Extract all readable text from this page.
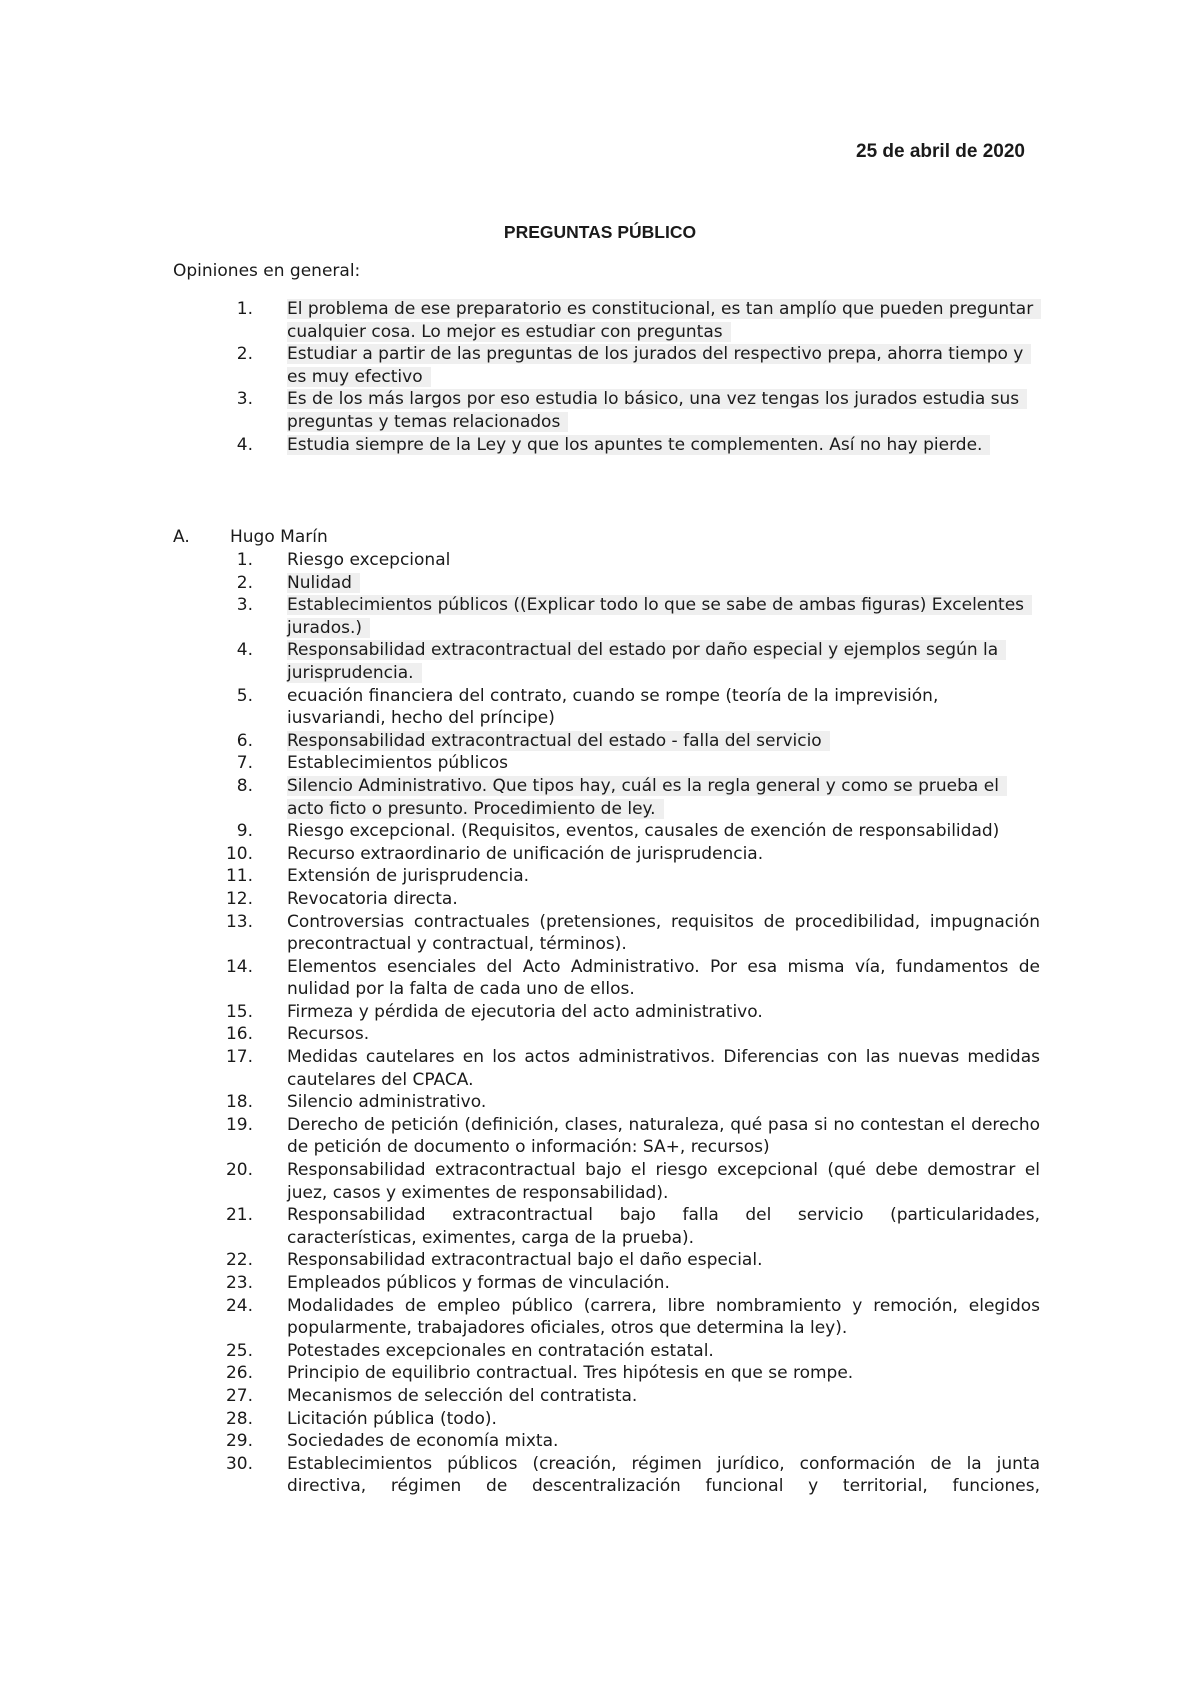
25 de abril de 2020
PREGUNTAS PÚBLICO
Opiniones en general:
1. El problema de ese preparatorio es constitucional, es tan amplío que pueden preguntar cualquier cosa. Lo mejor es estudiar con preguntas
2. Estudiar a partir de las preguntas de los jurados del respectivo prepa, ahorra tiempo y es muy efectivo
3. Es de los más largos por eso estudia lo básico, una vez tengas los jurados estudia sus preguntas y temas relacionados
4. Estudia siempre de la Ley y que los apuntes te complementen. Así no hay pierde.
A. Hugo Marín
1. Riesgo excepcional
2. Nulidad
3. Establecimientos públicos ((Explicar todo lo que se sabe de ambas figuras) Excelentes jurados.)
4. Responsabilidad extracontractual del estado por daño especial y ejemplos según la jurisprudencia.
5. ecuación financiera del contrato, cuando se rompe (teoría de la imprevisión, iusvariandi, hecho del príncipe)
6. Responsabilidad extracontractual del estado - falla del servicio
7. Establecimientos públicos
8. Silencio Administrativo. Que tipos hay, cuál es la regla general y como se prueba el acto ficto o presunto. Procedimiento de ley.
9. Riesgo excepcional. (Requisitos, eventos, causales de exención de responsabilidad)
10. Recurso extraordinario de unificación de jurisprudencia.
11. Extensión de jurisprudencia.
12. Revocatoria directa.
13. Controversias contractuales (pretensiones, requisitos de procedibilidad, impugnación precontractual y contractual, términos).
14. Elementos esenciales del Acto Administrativo. Por esa misma vía, fundamentos de nulidad por la falta de cada uno de ellos.
15. Firmeza y pérdida de ejecutoria del acto administrativo.
16. Recursos.
17. Medidas cautelares en los actos administrativos. Diferencias con las nuevas medidas cautelares del CPACA.
18. Silencio administrativo.
19. Derecho de petición (definición, clases, naturaleza, qué pasa si no contestan el derecho de petición de documento o información: SA+, recursos)
20. Responsabilidad extracontractual bajo el riesgo excepcional (qué debe demostrar el juez, casos y eximentes de responsabilidad).
21. Responsabilidad extracontractual bajo falla del servicio (particularidades, características, eximentes, carga de la prueba).
22. Responsabilidad extracontractual bajo el daño especial.
23. Empleados públicos y formas de vinculación.
24. Modalidades de empleo público (carrera, libre nombramiento y remoción, elegidos popularmente, trabajadores oficiales, otros que determina la ley).
25. Potestades excepcionales en contratación estatal.
26. Principio de equilibrio contractual. Tres hipótesis en que se rompe.
27. Mecanismos de selección del contratista.
28. Licitación pública (todo).
29. Sociedades de economía mixta.
30. Establecimientos públicos (creación, régimen jurídico, conformación de la junta directiva, régimen de descentralización funcional y territorial, funciones,
